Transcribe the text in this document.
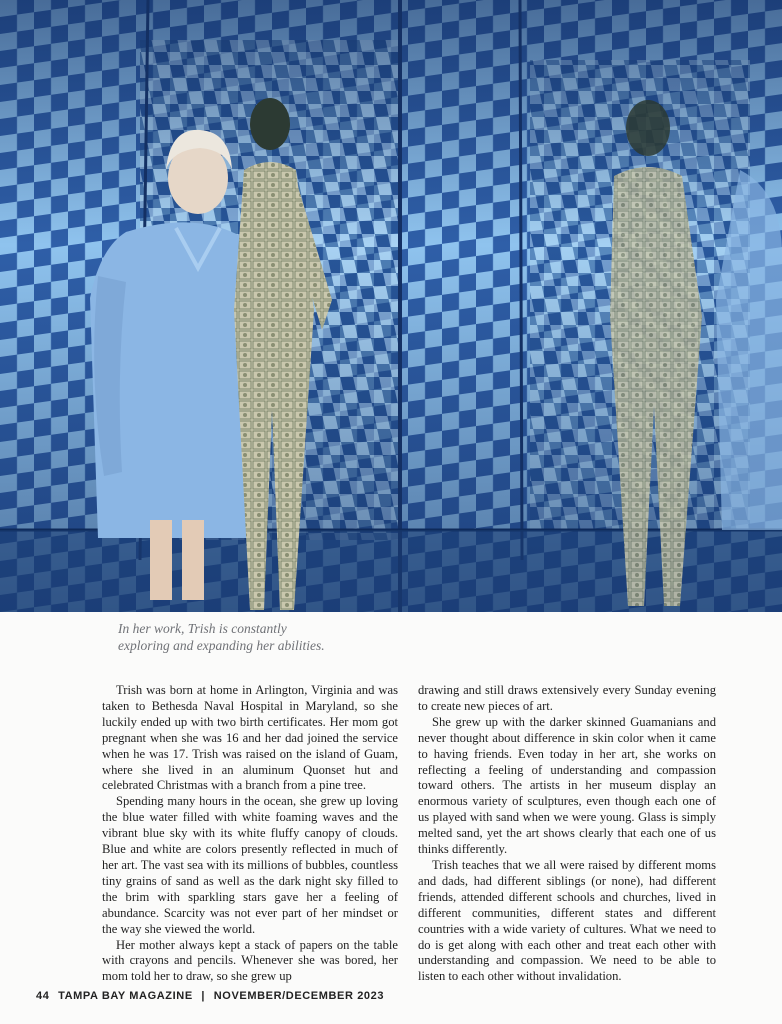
In her work, Trish is constantly
exploring and expanding her abilities.

Trish was born at home in Arlington, Virginia and was taken to Bethesda Naval Hospital in Maryland, so she luckily ended up with two birth certificates. Her mom got pregnant when she was 16 and her dad joined the service when he was 17. Trish was raised on the island of Guam, where she lived in an aluminum Quonset hut and celebrated Christmas with a branch from a pine tree.

Spending many hours in the ocean, she grew up loving the blue water filled with white foaming waves and the vibrant blue sky with its white fluffy canopy of clouds. Blue and white are colors presently reflected in much of her art. The vast sea with its millions of bubbles, countless tiny grains of sand as well as the dark night sky filled to the brim with sparkling stars gave her a feeling of abundance. Scarcity was not ever part of her mindset or the way she viewed the world.

Her mother always kept a stack of papers on the table with crayons and pencils. Whenever she was bored, her mom told her to draw, so she grew up

drawing and still draws extensively every Sunday evening to create new pieces of art.

She grew up with the darker skinned Guamanians and never thought about difference in skin color when it came to having friends. Even today in her art, she works on reflecting a feeling of understanding and compassion toward others. The artists in her museum display an enormous variety of sculptures, even though each one of us played with sand when we were young. Glass is simply melted sand, yet the art shows clearly that each one of us thinks differently.

Trish teaches that we all were raised by different moms and dads, had different siblings (or none), had different friends, attended different schools and churches, lived in different communities, different states and different countries with a wide variety of cultures. What we need to do is get along with each other and treat each other with understanding and compassion. We need to be able to listen to each other without invalidation.

44 TAMPA BAY MAGAZINE | NOVEMBER/DECEMBER 2023
